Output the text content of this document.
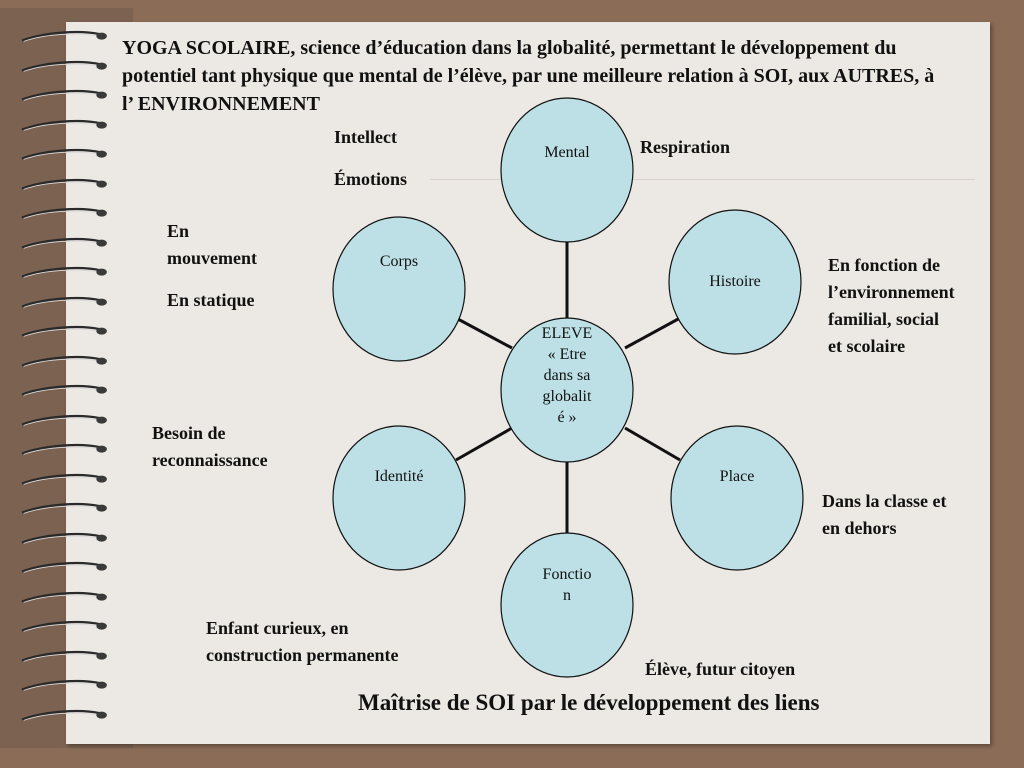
YOGA SCOLAIRE, science d’éducation dans la globalité, permettant le développement du potentiel tant physique que mental de l’élève, par une meilleure relation à SOI, aux AUTRES, à l’ ENVIRONNEMENT

Mental
Corps
Histoire
ELEVE
« Etre
dans sa
globalit
é »
Identité	Place
Fonctio
n

Intellect

Émotions

Respiration

En
mouvement

En statique

En fonction de
l’environnement
familial, social
et scolaire
Besoin de
reconnaissance
Dans la classe et
en dehors
Enfant curieux, en
construction permanente

Élève, futur citoyen

Maîtrise de SOI par le développement des liens
